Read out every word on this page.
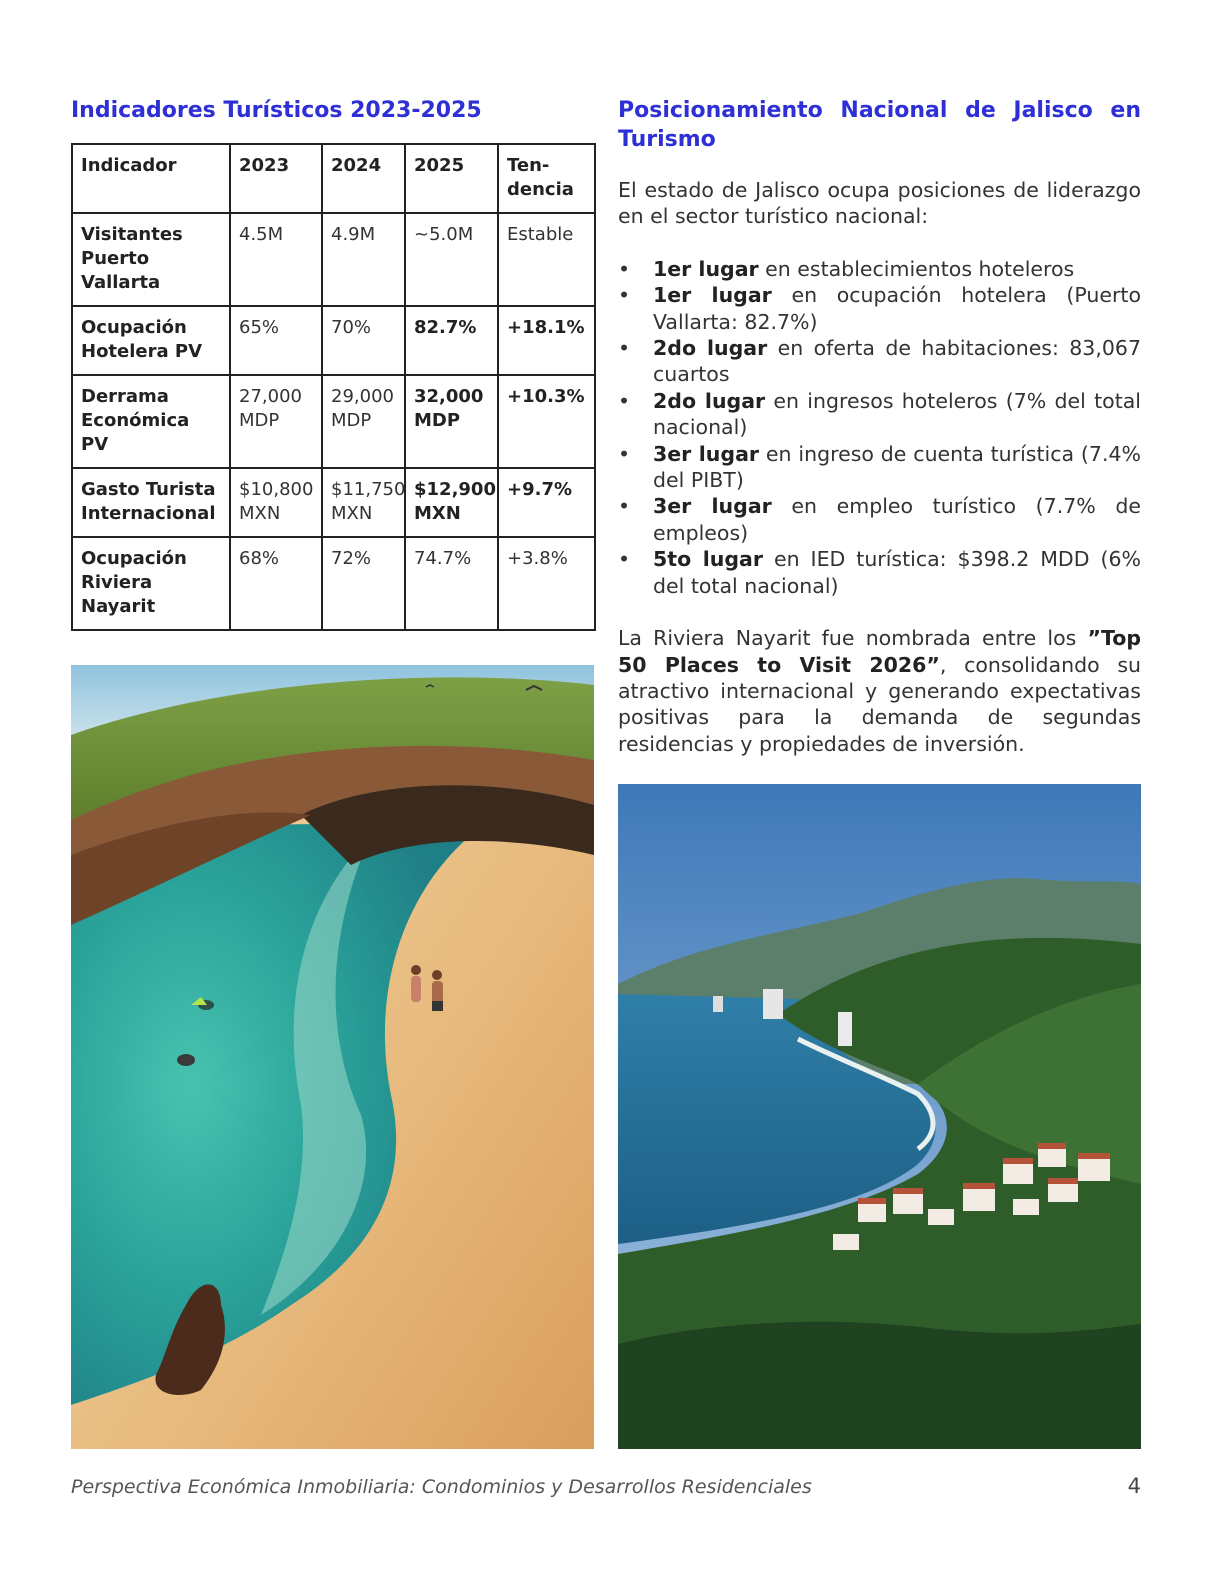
Indicadores Turísticos 2023-2025
Indicador	2023	2024	2025	Ten-
dencia
Visitantes Puerto Vallarta	4.5M	4.9M	~5.0M	Estable
Ocupación Hotelera PV	65%	70%	82.7%	+18.1%
Derrama Económica PV	27,000 MDP	29,000 MDP	32,000 MDP	+10.3%
Gasto Turista Internacional	$10,800 MXN	$11,750 MXN	$12,900 MXN	+9.7%
Ocupación Riviera Nayarit	68%	72%	74.7%	+3.8%
Posicionamiento Nacional de Jalisco en Turismo

El estado de Jalisco ocupa posiciones de liderazgo en el sector turístico nacional:

• 1er lugar en establecimientos hoteleros
• 1er lugar en ocupación hotelera (Puerto Vallarta: 82.7%)
• 2do lugar en oferta de habitaciones: 83,067 cuartos
• 2do lugar en ingresos hoteleros (7% del total nacional)
• 3er lugar en ingreso de cuenta turística (7.4% del PIBT)
• 3er lugar en empleo turístico (7.7% de empleos)
• 5to lugar en IED turística: $398.2 MDD (6% del total nacional)

La Riviera Nayarit fue nombrada entre los ”Top 50 Places to Visit 2026”, consolidando su atractivo internacional y generando expectativas positivas para la demanda de segundas residencias y propiedades de inversión.

Perspectiva Económica Inmobiliaria: Condominios y Desarrollos Residenciales	4
